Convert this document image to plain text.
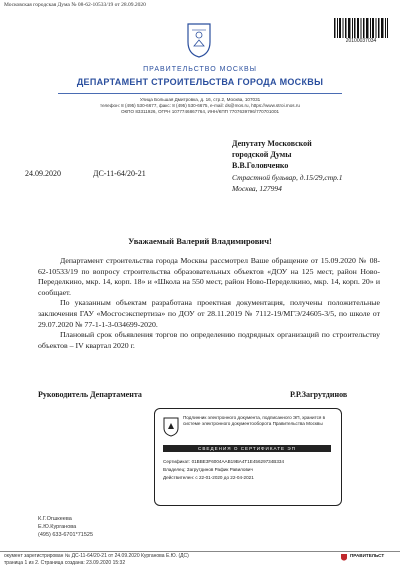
Московская городская Дума № 08-62-10533/19 от 28.09.2020
20100037034
ПРАВИТЕЛЬСТВО МОСКВЫ
ДЕПАРТАМЕНТ СТРОИТЕЛЬСТВА ГОРОДА МОСКВЫ
Улица Большая Дмитровка, д. 16, стр.2, Москва, 107031
телефон: 8 (495) 530-6677, факс: 8 (495) 530-6675, e-mail: ds@mos.ru, https://www.stroi.mos.ru
ОКПО 83311926, ОГРН 1077746867764, ИНН/КПП 7707639796/770701001
24.09.2020	ДС-11-64/20-21
Депутату Московской
городской Думы
В.В.Головченко
Страстной бульвар, д.15/29,стр.1
Москва, 127994
Уважаемый Валерий Владимирович!

Департамент строительства города Москвы рассмотрел Ваше обращение от 15.09.2020 № 08-62-10533/19 по вопросу строительства образовательных объектов «ДОУ на 125 мест, район Ново-Переделкино, мкр. 14, корп. 18» и «Школа на 550 мест, район Ново-Переделкино, мкр. 14, корп. 20» и сообщает.

По указанным объектам разработана проектная документация, получены положительные заключения ГАУ «Мосгосэкспертиза» по ДОУ от 28.11.2019 № 7112-19/МГЭ/24605-3/5, по школе от 29.07.2020 № 77-1-1-3-034699-2020.

Плановый срок объявления торгов по определению подрядных организаций по строительству объектов – IV квартал 2020 г.

Руководитель Департамента	Р.Р.Загрутдинов
Подлинник электронного документа, подписанного ЭП, хранится в системе электронного документооборота Правительства Москвы
СВЕДЕНИЯ О СЕРТИФИКАТЕ ЭП
Сертификат: 01BBE3F6004AAB19BA4T1E45629734B334
Владелец: Загрутдинов Рафик Равилович
Действителен: с 22-01-2020 до 22-04-2021
К.Г.Огшкеева
Е.Ю.Курганова
(495) 633-6701*71525
окумент зарегистрирован № ДС-11-64/20-21 от 24.09.2020 Курганова Е.Ю. (ДС)
траница 1 из 2. Страница создана: 23.09.2020 15:32
ПРАВИТЕЛЬСТ
